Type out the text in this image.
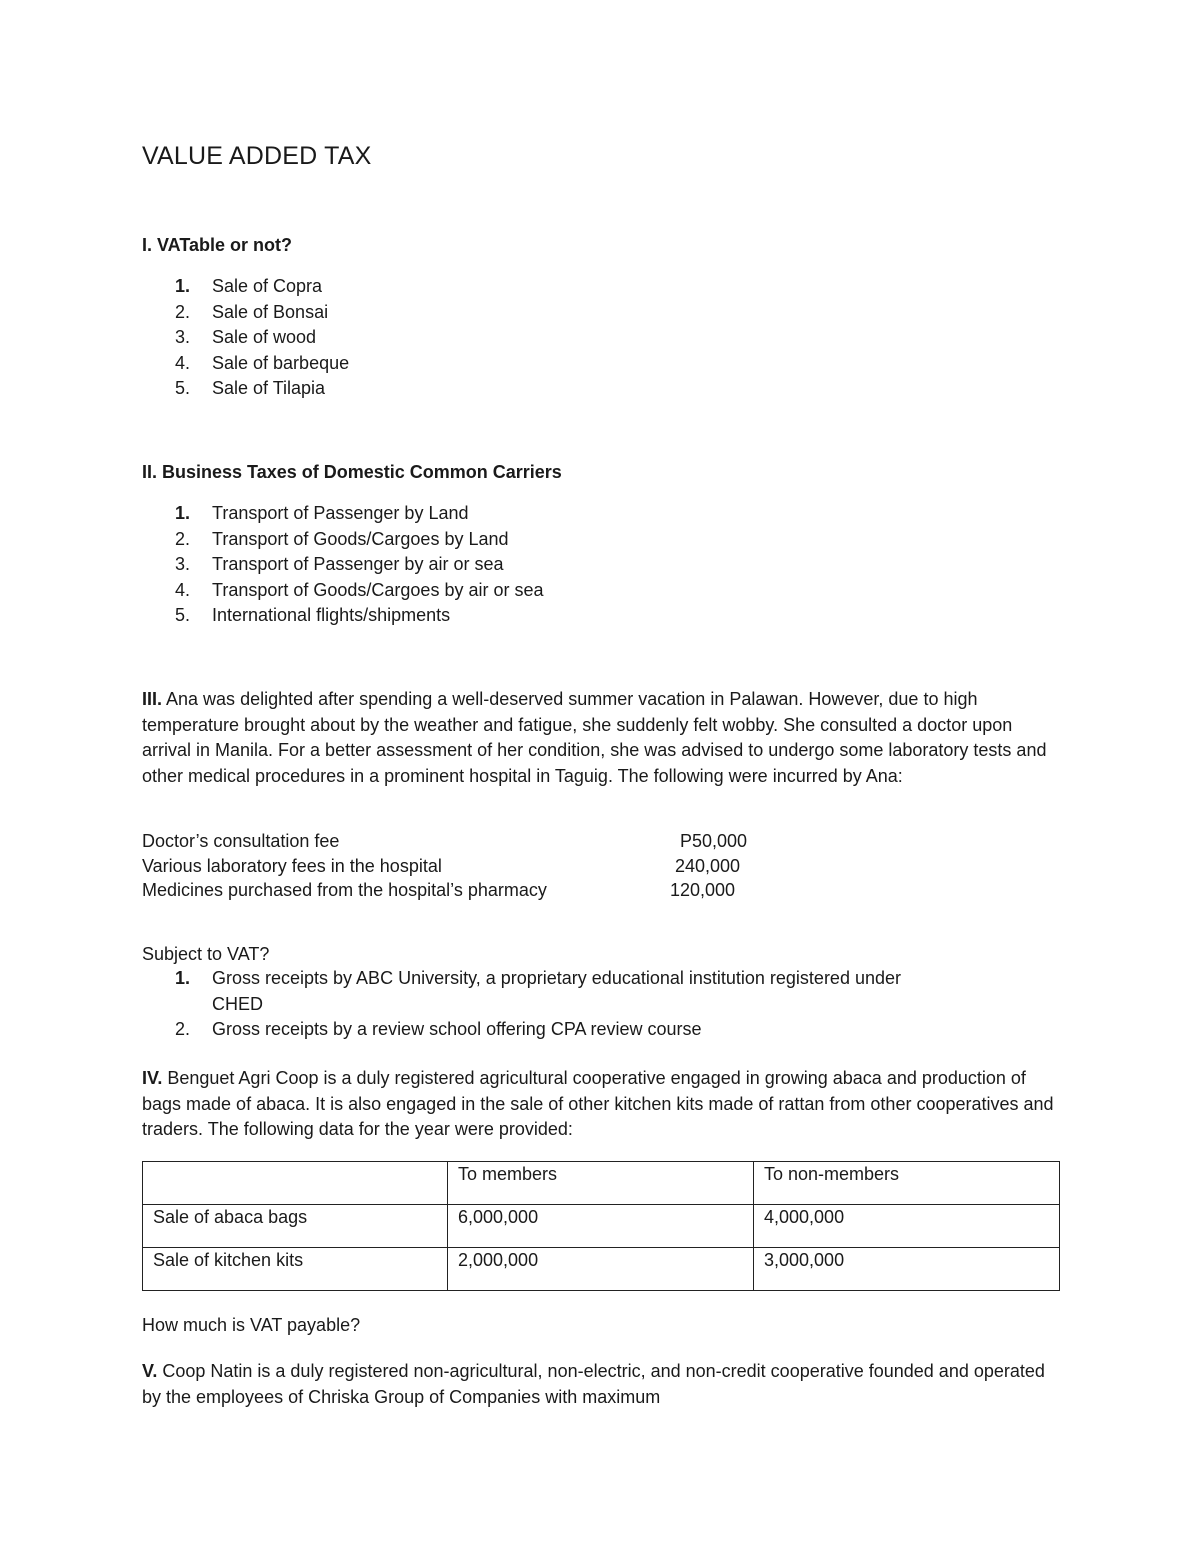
VALUE ADDED TAX
I. VATable or not?
1. Sale of Copra
2. Sale of Bonsai
3. Sale of wood
4. Sale of barbeque
5. Sale of Tilapia
II. Business Taxes of Domestic Common Carriers
1. Transport of Passenger by Land
2. Transport of Goods/Cargoes by Land
3. Transport of Passenger by air or sea
4. Transport of Goods/Cargoes by air or sea
5. International flights/shipments

III. Ana was delighted after spending a well-deserved summer vacation in Palawan. However, due to high temperature brought about by the weather and fatigue, she suddenly felt wobby. She consulted a doctor upon arrival in Manila. For a better assessment of her condition, she was advised to undergo some laboratory tests and other medical procedures in a prominent hospital in Taguig. The following were incurred by Ana:

Doctor’s consultation fee	P50,000
Various laboratory fees in the hospital	240,000
Medicines purchased from the hospital’s pharmacy	120,000

Subject to VAT?

1. Gross receipts by ABC University, a proprietary educational institution registered under
CHED
2. Gross receipts by a review school offering CPA review course

IV. Benguet Agri Coop is a duly registered agricultural cooperative engaged in growing abaca and production of bags made of abaca. It is also engaged in the sale of other kitchen kits made of rattan from other cooperatives and traders. The following data for the year were provided:

	To members	To non-members
Sale of abaca bags	6,000,000	4,000,000
Sale of kitchen kits	2,000,000	3,000,000

How much is VAT payable?

V. Coop Natin is a duly registered non-agricultural, non-electric, and non-credit cooperative founded and operated by the employees of Chriska Group of Companies with maximum
